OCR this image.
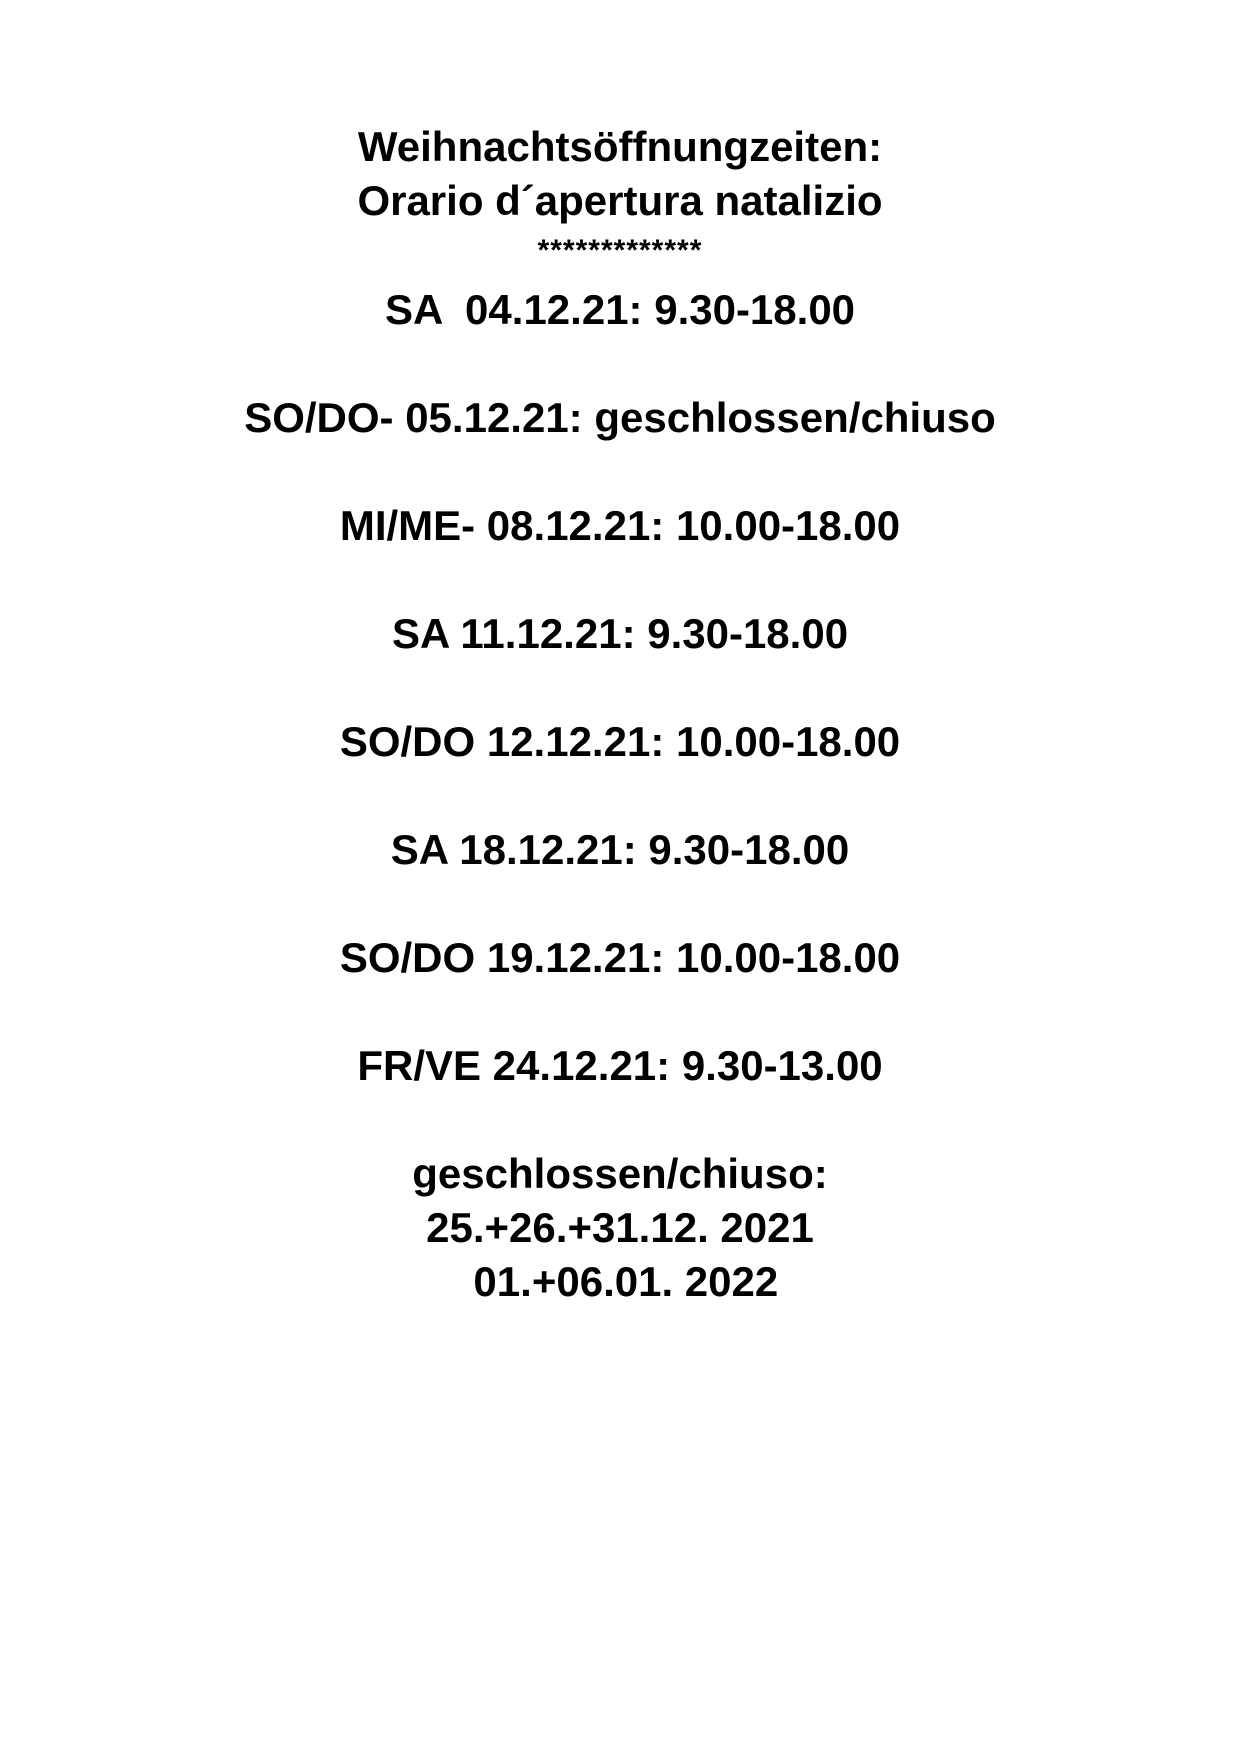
Weihnachtsöffnungzeiten:
Orario d´apertura natalizio
*************
SA  04.12.21: 9.30-18.00
SO/DO- 05.12.21: geschlossen/chiuso
MI/ME- 08.12.21: 10.00-18.00
SA 11.12.21: 9.30-18.00
SO/DO 12.12.21: 10.00-18.00
SA 18.12.21: 9.30-18.00
SO/DO 19.12.21: 10.00-18.00
FR/VE 24.12.21: 9.30-13.00
geschlossen/chiuso:
25.+26.+31.12. 2021
01.+06.01. 2022
